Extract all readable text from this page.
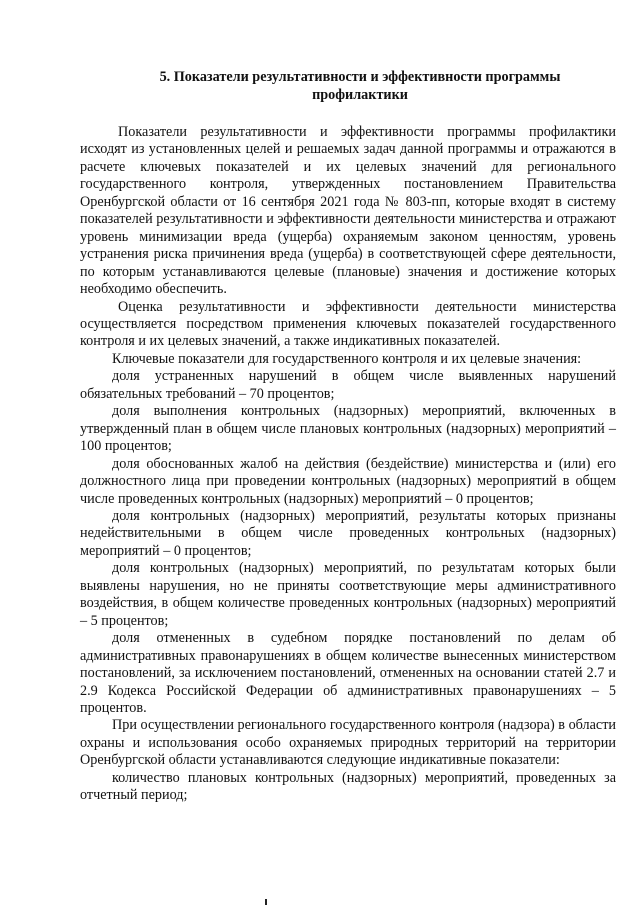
5. Показатели результативности и эффективности программы
профилактики

Показатели результативности и эффективности программы профилактики исходят из установленных целей и решаемых задач данной программы и отражаются в расчете ключевых показателей и их целевых значений для регионального государственного контроля, утвержденных постановлением Правительства Оренбургской области от 16 сентября 2021 года № 803-пп, которые входят в систему показателей результативности и эффективности деятельности министерства и отражают уровень минимизации вреда (ущерба) охраняемым законом ценностям, уровень устранения риска причинения вреда (ущерба) в соответствующей сфере деятельности, по которым устанавливаются целевые (плановые) значения и достижение которых необходимо обеспечить.

Оценка результативности и эффективности деятельности министерства осуществляется посредством применения ключевых показателей государственного контроля и их целевых значений, а также индикативных показателей.

Ключевые показатели для государственного контроля и их целевые значения:

доля устраненных нарушений в общем числе выявленных нарушений обязательных требований – 70 процентов;

доля выполнения контрольных (надзорных) мероприятий, включенных в утвержденный план в общем числе плановых контрольных (надзорных) мероприятий – 100 процентов;

доля обоснованных жалоб на действия (бездействие) министерства и (или) его должностного лица при проведении контрольных (надзорных) мероприятий в общем числе проведенных контрольных (надзорных) мероприятий – 0 процентов;

доля контрольных (надзорных) мероприятий, результаты которых признаны недействительными в общем числе проведенных контрольных (надзорных) мероприятий – 0 процентов;

доля контрольных (надзорных) мероприятий, по результатам которых были выявлены нарушения, но не приняты соответствующие меры административного воздействия, в общем количестве проведенных контрольных (надзорных) мероприятий – 5 процентов;

доля отмененных в судебном порядке постановлений по делам об административных правонарушениях в общем количестве вынесенных министерством постановлений, за исключением постановлений, отмененных на основании статей 2.7 и 2.9 Кодекса Российской Федерации об административных правонарушениях – 5 процентов.

При осуществлении регионального государственного контроля (надзора) в области охраны и использования особо охраняемых природных территорий на территории Оренбургской области устанавливаются следующие индикативные показатели:

количество плановых контрольных (надзорных) мероприятий, проведенных за отчетный период;
